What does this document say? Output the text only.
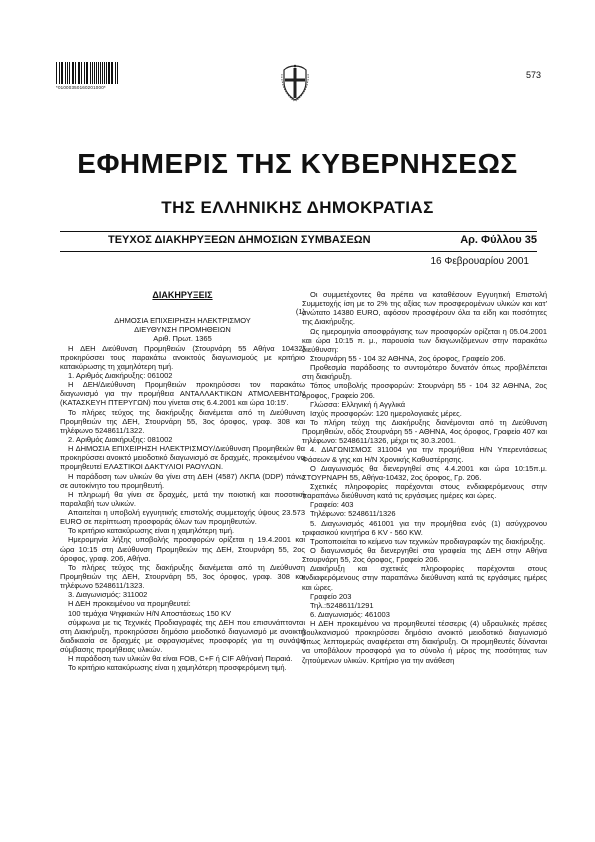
*01000350160201000*
573
ΕΦΗΜΕΡΙΣ ΤΗΣ ΚΥΒΕΡΝΗΣΕΩΣ
ΤΗΣ ΕΛΛΗΝΙΚΗΣ ΔΗΜΟΚΡΑΤΙΑΣ
ΤΕΥΧΟΣ ΔΙΑΚΗΡΥΞΕΩΝ ΔΗΜΟΣΙΩΝ ΣΥΜΒΑΣΕΩΝ	Αρ. Φύλλου 35
16 Φεβρουαρίου 2001

ΔΙΑΚΗΡΥΞΕΙΣ

(1)

ΔΗΜΟΣΙΑ ΕΠΙΧΕΙΡΗΣΗ ΗΛΕΚΤΡΙΣΜΟΥ

ΔΙΕΥΘΥΝΣΗ ΠΡΟΜΗΘΕΙΩΝ

Αριθ. Πρωτ. 1365

Η ΔΕΗ Διεύθυνση Προμηθειών (Στουρνάρη 55 Αθήνα 10432) προκηρύσσει τους παρακάτω ανοικτούς διαγωνισμούς με κριτήριο κατακύρωσης τη χαμηλότερη τιμή.

1. Αριθμός Διακήρυξης: 061002

Η ΔΕΗ/Διεύθυνση Προμηθειών προκηρύσσει τον παρακάτω διαγωνισμό για την προμήθεια ΑΝΤΑΛΛΑΚΤΙΚΩΝ ΑΤΜΟΛΕΒΗΤΩΝ (ΚΑΤΑΣΚΕΥΗ ΠΤΕΡΥΓΩΝ) που γίνεται στις 6.4.2001 και ώρα 10:15'.

Το πλήρες τεύχος της διακήρυξης διανέμεται από τη Διεύθυνση Προμηθειών της ΔΕΗ, Στουρνάρη 55, 3ος όροφος, γραφ. 308 και τηλέφωνο 5248611/1322.

2. Αριθμός Διακήρυξης: 081002

Η ΔΗΜΟΣΙΑ ΕΠΙΧΕΙΡΗΣΗ ΗΛΕΚΤΡΙΣΜΟΥ/Διεύθυνση Προμηθειών θα προκηρύσσει ανοικτό μειοδοτικό διαγωνισμό σε δραχμές, προκειμένου να προμηθευτεί ΕΛΑΣΤΙΚΟΙ ΔΑΚΤΥΛΙΟΙ ΡΑΟΥΛΩΝ.

Η παράδοση των υλικών θα γίνει στη ΔΕΗ (4587) ΛΚΠΑ (DDP) πάνω σε αυτοκίνητο του προμηθευτή.

Η πληρωμή θα γίνει σε δραχμές, μετά την ποιοτική και ποσοτική παραλαβή των υλικών.

Απαιτείται η υποβολή εγγυητικής επιστολής συμμετοχής ύψους 23.573 EURO σε περίπτωση προσφοράς όλων των προμηθευτών.

Το κριτήριο κατακύρωσης είναι η χαμηλότερη τιμή.

Ημερομηνία λήξης υποβολής προσφορών ορίζεται η 19.4.2001 και ώρα 10:15 στη Διεύθυνση Προμηθειών της ΔΕΗ, Στουρνάρη 55, 2ος όροφος, γραφ. 206, Αθήνα.

Το πλήρες τεύχος της διακήρυξης διανέμεται από τη Διεύθυνση Προμηθειών της ΔΕΗ, Στουρνάρη 55, 3ος όροφος, γραφ. 308 και τηλέφωνο 5248611/1323.

3. Διαγωνισμός: 311002

Η ΔΕΗ προκειμένου να προμηθευτεί:

100 τεμάχια Ψηφιακών Η/Ν Αποστάσεως 150 KV

σύμφωνα με τις Τεχνικές Προδιαγραφές της ΔΕΗ που επισυνάπτονται στη Διακήρυξη, προκηρύσσει δημόσιο μειοδοτικό διαγωνισμό με ανοικτή διαδικασία σε δραχμές με σφραγισμένες προσφορές για τη συνάψη σύμβασης προμήθειας υλικών.

Η παράδοση των υλικών θα είναι FOB, C+F ή CIF Αθήναιή Πειραιά.

Το κριτήριο κατακύρωσης είναι η χαμηλότερη προσφερόμενη τιμή.

Οι συμμετέχοντες θα πρέπει να καταθέσουν Εγγυητική Επιστολή Συμμετοχής ίση με το 2% της αξίας των προσφερομένων υλικών και κατ' ανώτατο 14380 EURO, αφόσον προσφέρουν όλα τα είδη και ποσότητες της Διακήρυξης.

Ως ημερομηνία αποσφράγισης των προσφορών ορίζεται η 05.04.2001 και ώρα 10:15 π. μ., παρουσία των διαγωνιζόμενων στην παρακάτω διεύθυνση:

Στουρνάρη 55 - 104 32 ΑΘΗΝΑ, 2ος όροφος, Γραφείο 206.

Προθεσμία παράδοσης το συντομότερο δυνατόν όπως προβλέπεται στη διακήρυξη.

Τόπος υποβολής προσφορών: Στουρνάρη 55 - 104 32 ΑΘΗΝΑ, 2ος όροφος, Γραφείο 206.

Γλώσσα: Ελληνική ή Αγγλικά

Ισχύς προσφορών: 120 ημερολογιακές μέρες.

Το πλήρη τεύχη της Διακήρυξης διανέμονται από τη Διεύθυνση Προμηθειών, οδός Στουρνάρη 55 - ΑΘΗΝΑ, 4ος όροφος, Γραφείο 407 και τηλέφωνο: 5248611/1326, μέχρι τις 30.3.2001.

4. ΔΙΑΓΩΝΙΣΜΟΣ 311004 για την προμήθεια Η/Ν Υπερεντάσεως Φάσεων & γης και Η/Ν Χρονικής Καθυστέρησης.

Ο Διαγωνισμός θα διενεργηθεί στις 4.4.2001 και ώρα 10:15π.μ. ΣΤΟΥΡΝΑΡΗ 55, Αθήνα-10432, 2ος όροφος, Γρ. 206.

Σχετικές πληροφορίες παρέχονται στους ενδιαφερόμενους στην παραπάνω διεύθυνση κατά τις εργάσιμες ημέρες και ώρες.

Γραφείο: 403

Τηλέφωνο: 5248611/1326

5. Διαγωνισμός 461001 για την προμήθεια ενός (1) ασύγχρονου τριφασικού κινητήρα 6 KV - 560 KW.

Τροποποιείται το κείμενο των τεχνικών προδιαγραφών της διακήρυξης.

Ο διαγωνισμός θα διενεργηθεί στα γραφεία της ΔΕΗ στην Αθήνα Στουρνάρη 55, 2ος όροφος, Γραφείο 206.

Διακήρυξη και σχετικές πληροφορίες παρέχονται στους ενδιαφερόμενους στην παραπάνω διεύθυνση κατά τις εργάσιμες ημέρες και ώρες.

Γραφείο 203

Τηλ.:5248611/1291

6. Διαγωνισμός: 461003

Η ΔΕΗ προκειμένου να προμηθευτεί τέσσερις (4) υδραυλικές πρέσες βουλκανισμού προκηρύσσει δημόσιο ανοικτό μειοδοτικό διαγωνισμό όπως λεπτομερώς αναφέρεται στη διακήρυξη. Οι προμηθευτές δύνανται να υποβάλουν προσφορά για το σύνολο ή μέρος της ποσότητας των ζητούμενων υλικών. Κριτήριο για την ανάθεση
